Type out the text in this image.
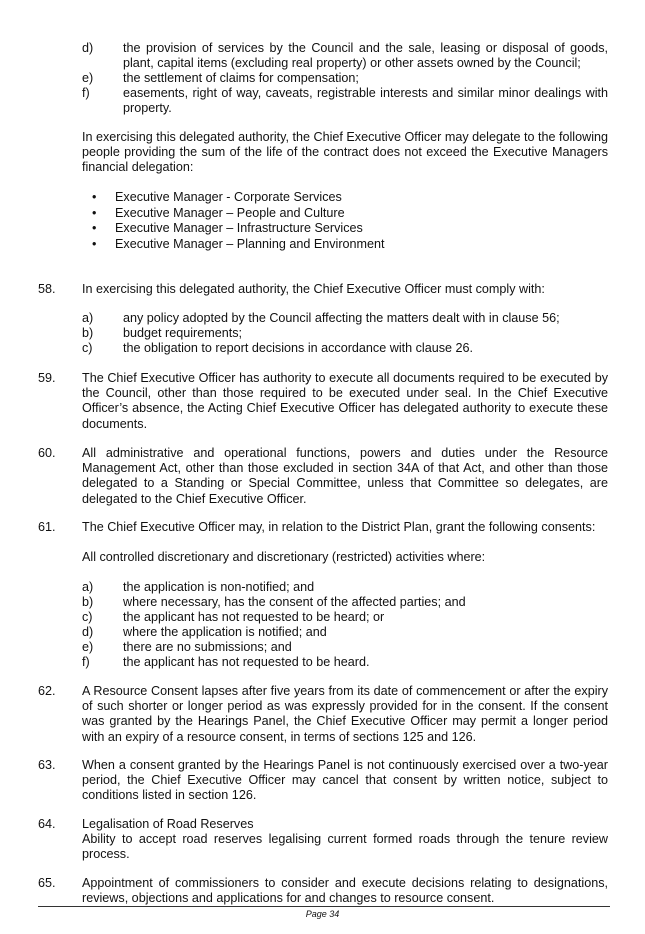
d)	the provision of services by the Council and the sale, leasing or disposal of goods, plant, capital items (excluding real property) or other assets owned by the Council;
e)	the settlement of claims for compensation;
f)	easements, right of way, caveats, registrable interests and similar minor dealings with property.
In exercising this delegated authority, the Chief Executive Officer may delegate to the following people providing the sum of the life of the contract does not exceed the Executive Managers financial delegation:
•	Executive Manager - Corporate Services
•	Executive Manager – People and Culture
•	Executive Manager – Infrastructure Services
•	Executive Manager – Planning and Environment
58.	In exercising this delegated authority, the Chief Executive Officer must comply with:
a)	any policy adopted by the Council affecting the matters dealt with in clause 56;
b)	budget requirements;
c)	the obligation to report decisions in accordance with clause 26.
59.	The Chief Executive Officer has authority to execute all documents required to be executed by the Council, other than those required to be executed under seal. In the Chief Executive Officer’s absence, the Acting Chief Executive Officer has delegated authority to execute these documents.
60.	All administrative and operational functions, powers and duties under the Resource Management Act, other than those excluded in section 34A of that Act, and other than those delegated to a Standing or Special Committee, unless that Committee so delegates, are delegated to the Chief Executive Officer.
61.	The Chief Executive Officer may, in relation to the District Plan, grant the following consents:
All controlled discretionary and discretionary (restricted) activities where:
a)	the application is non-notified; and
b)	where necessary, has the consent of the affected parties; and
c)	the applicant has not requested to be heard; or
d)	where the application is notified; and
e)	there are no submissions; and
f)	the applicant has not requested to be heard.
62.	A Resource Consent lapses after five years from its date of commencement or after the expiry of such shorter or longer period as was expressly provided for in the consent. If the consent was granted by the Hearings Panel, the Chief Executive Officer may permit a longer period with an expiry of a resource consent, in terms of sections 125 and 126.
63.	When a consent granted by the Hearings Panel is not continuously exercised over a two-year period, the Chief Executive Officer may cancel that consent by written notice, subject to conditions listed in section 126.
64.	Legalisation of Road Reserves
Ability to accept road reserves legalising current formed roads through the tenure review process.
65.	Appointment of commissioners to consider and execute decisions relating to designations, reviews, objections and applications for and changes to resource consent.
Page 34
